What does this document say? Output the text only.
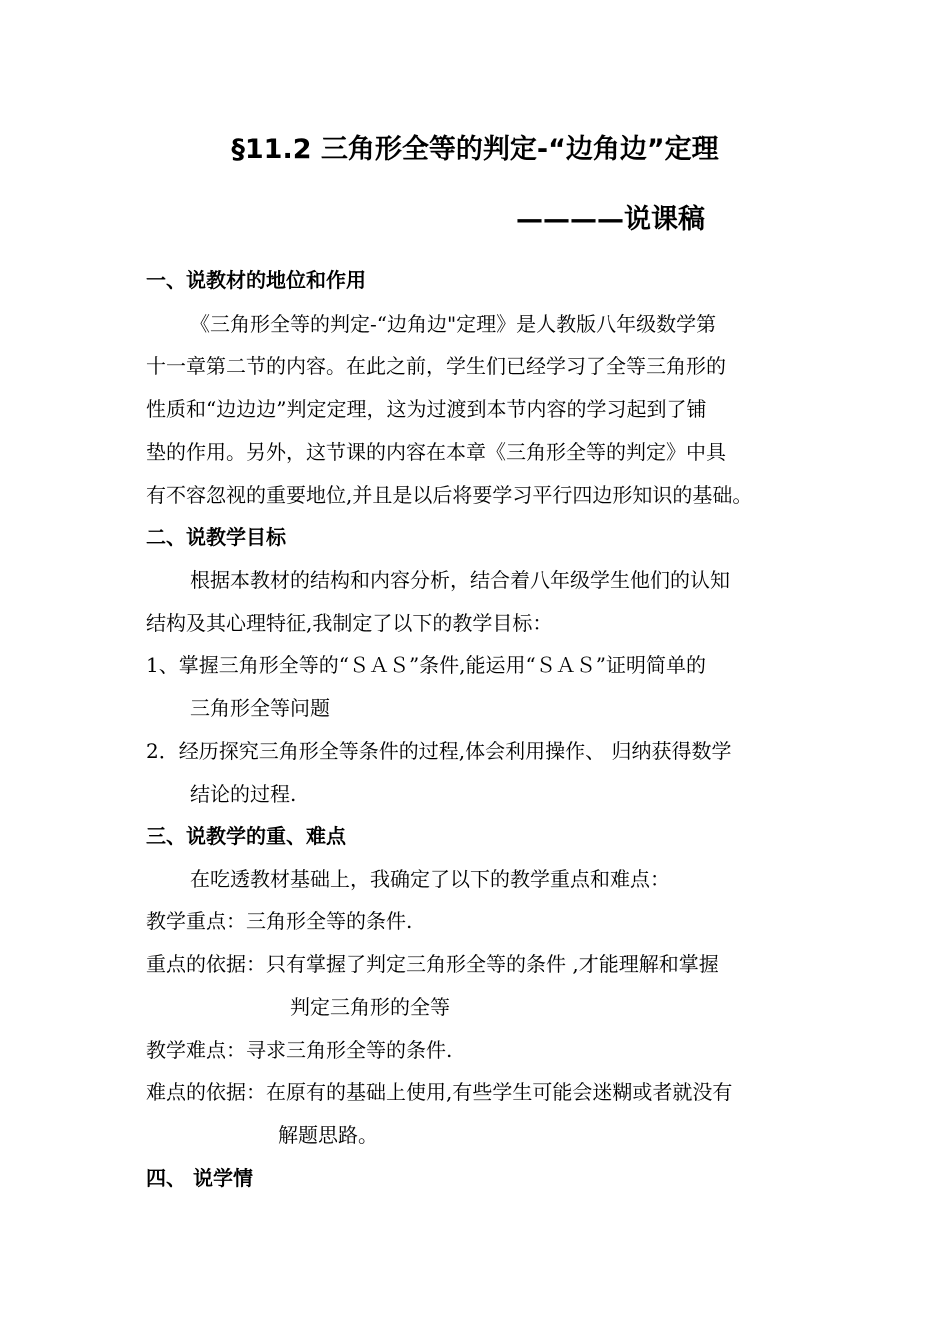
§11.2 三角形全等的判定-“边角边”定理
————说课稿
一、说教材的地位和作用
《三角形全等的判定-“边角边"定理》是人教版八年级数学第
十一章第二节的内容。在此之前，学生们已经学习了全等三角形的
性质和“边边边”判定定理，这为过渡到本节内容的学习起到了铺
垫的作用。另外，这节课的内容在本章《三角形全等的判定》中具
有不容忽视的重要地位,并且是以后将要学习平行四边形知识的基础。
二、说教学目标
根据本教材的结构和内容分析，结合着八年级学生他们的认知
结构及其心理特征,我制定了以下的教学目标：
1、掌握三角形全等的“ＳＡＳ”条件,能运用“ＳＡＳ”证明简单的
三角形全等问题
2．经历探究三角形全等条件的过程,体会利用操作、 归纳获得数学
结论的过程.
三、说教学的重、难点
在吃透教材基础上，我确定了以下的教学重点和难点：
教学重点：三角形全等的条件.
重点的依据：只有掌握了判定三角形全等的条件 ,才能理解和掌握
判定三角形的全等
教学难点：寻求三角形全等的条件.
难点的依据：在原有的基础上使用,有些学生可能会迷糊或者就没有
解题思路。
四、 说学情
